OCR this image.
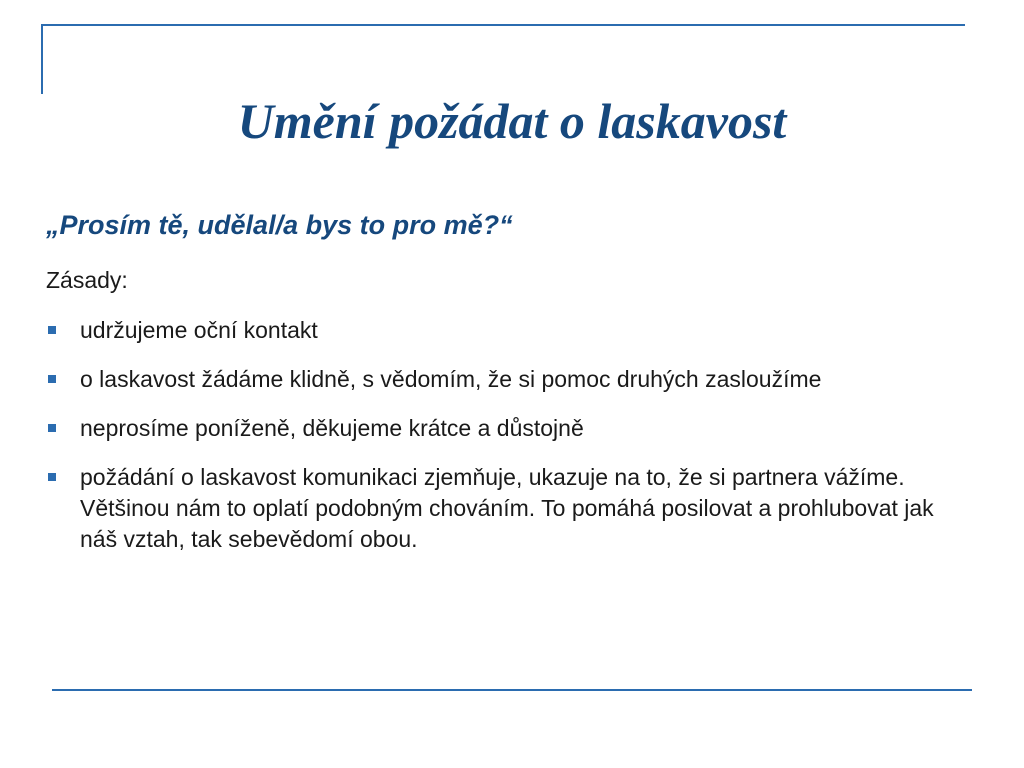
Umění požádat o laskavost

„Prosím tě, udělal/a bys to pro mě?“

Zásady:

udržujeme oční kontakt
o laskavost žádáme klidně, s vědomím, že si pomoc druhých zasloužíme
neprosíme poníženě, děkujeme krátce a důstojně
požádání o laskavost komunikaci zjemňuje, ukazuje na to, že si partnera vážíme. Většinou nám to oplatí podobným chováním. To pomáhá posilovat a prohlubovat jak náš vztah, tak sebevědomí obou.
